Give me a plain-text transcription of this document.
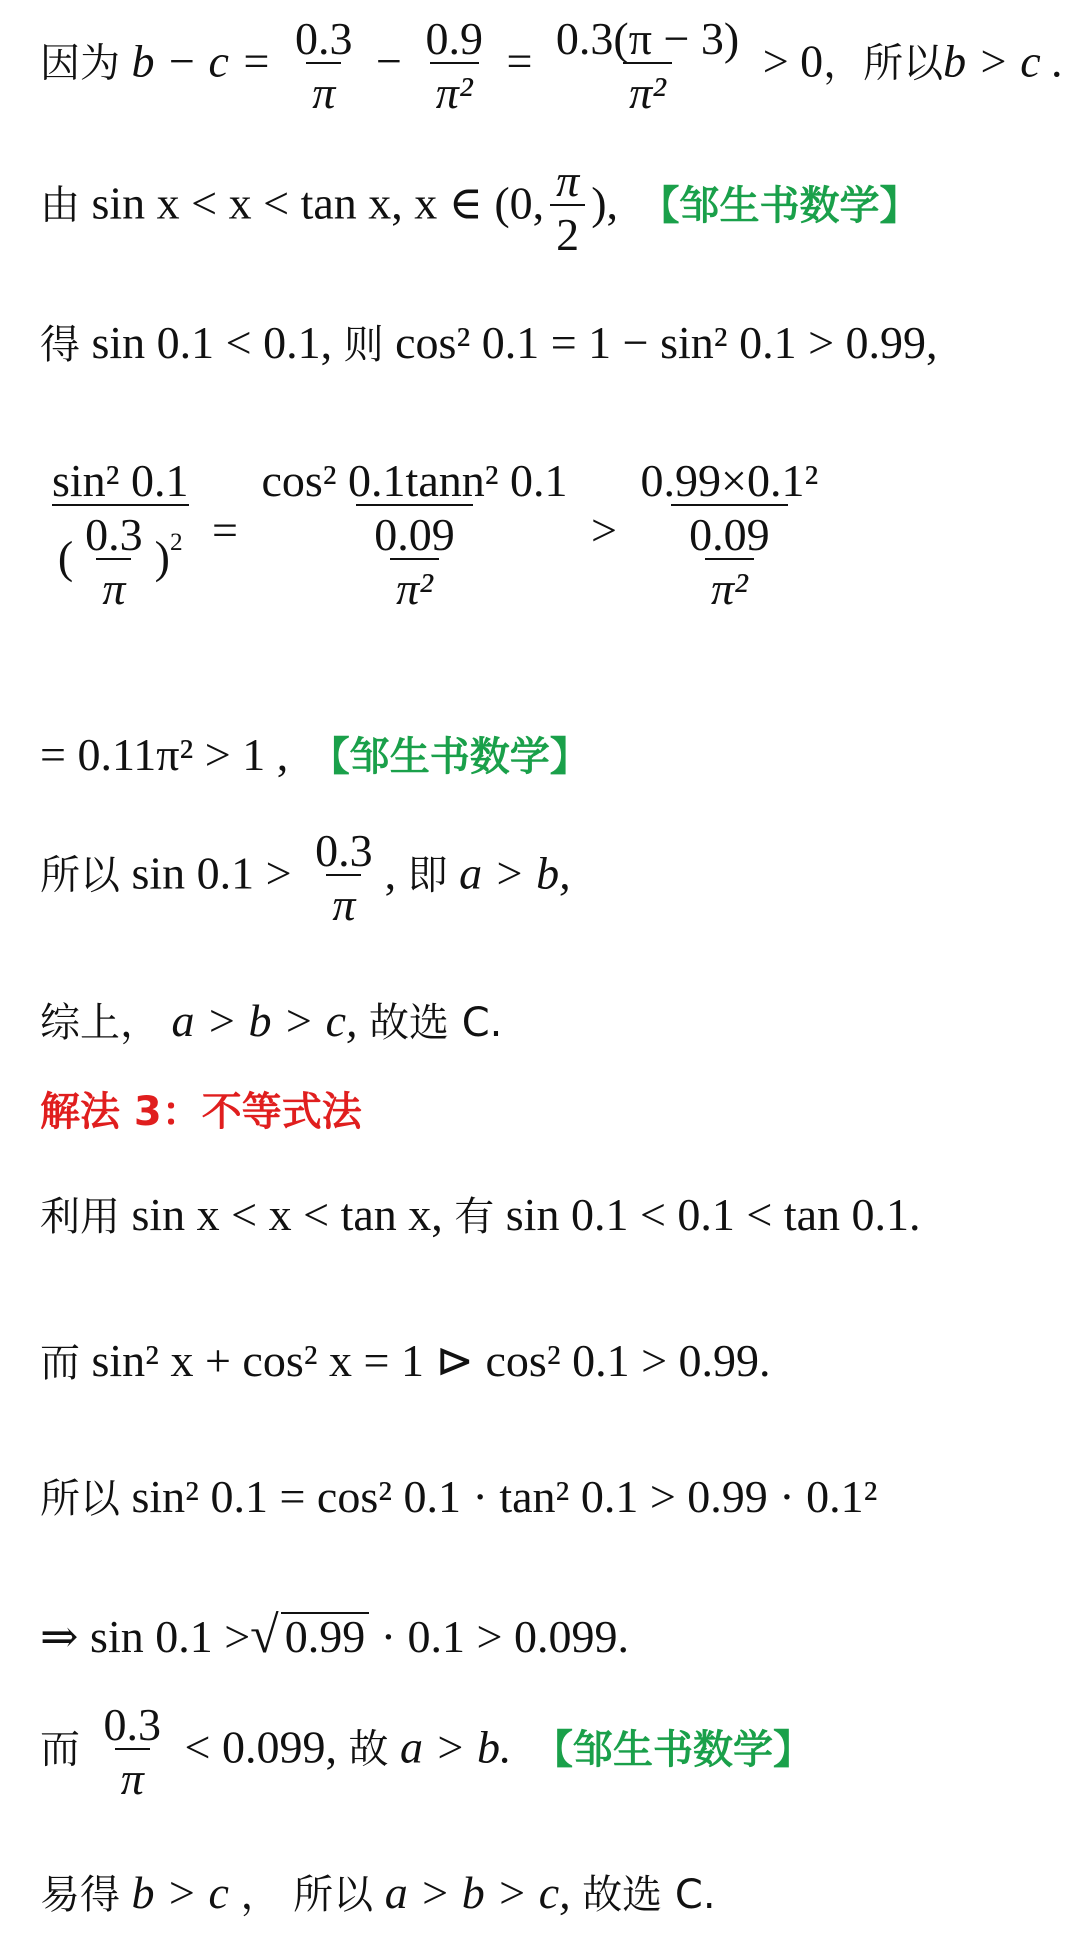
因为 $b - c = \frac{0.3}{\pi} - \frac{0.9}{\text{π²}} = \frac{0.3(\pi - 3)}{\text{π²}} > 0$，所以b > c .
由 sin x < x < tan x, x ∈ (0, $\frac{\pi}{2}$ ), 【邹生书数学】
得 sin 0.1 < 0.1, 则 cos² 0.1 = 1 − sin² 0.1 > 0.99,
$\frac{\text{sin² 0.1}}{( \frac{0.3}{\pi} )^2} = \frac{\text{cos² 0.1tann² 0.1}}{\frac{0.09}{\text{π²}}} > \frac{\text{0.99×0.1²}}{\frac{0.09}{\text{π²}}}$
= 0.11π² > 1 , 【邹生书数学】
所以 $\sin 0.1 > \frac{0.3}{\pi}$ , 即 a > b,
综上， a > b > c, 故选 C.
解法 3：不等式法
利用 sin x < x < tan x, 有 sin 0.1 < 0.1 < tan 0.1.
而 sin² x + cos² x = 1 ⊳ cos² 0.1 > 0.99.
所以 sin² 0.1 = cos² 0.1 · tan² 0.1 > 0.99 · 0.1²
⇒ sin 0.1 >√ 0.99 · 0.1 > 0.099.
而 $\frac{0.3}{\pi} < 0.099$, 故 a > b. 【邹生书数学】
易得 b > c ， 所以 a > b > c, 故选 C.
